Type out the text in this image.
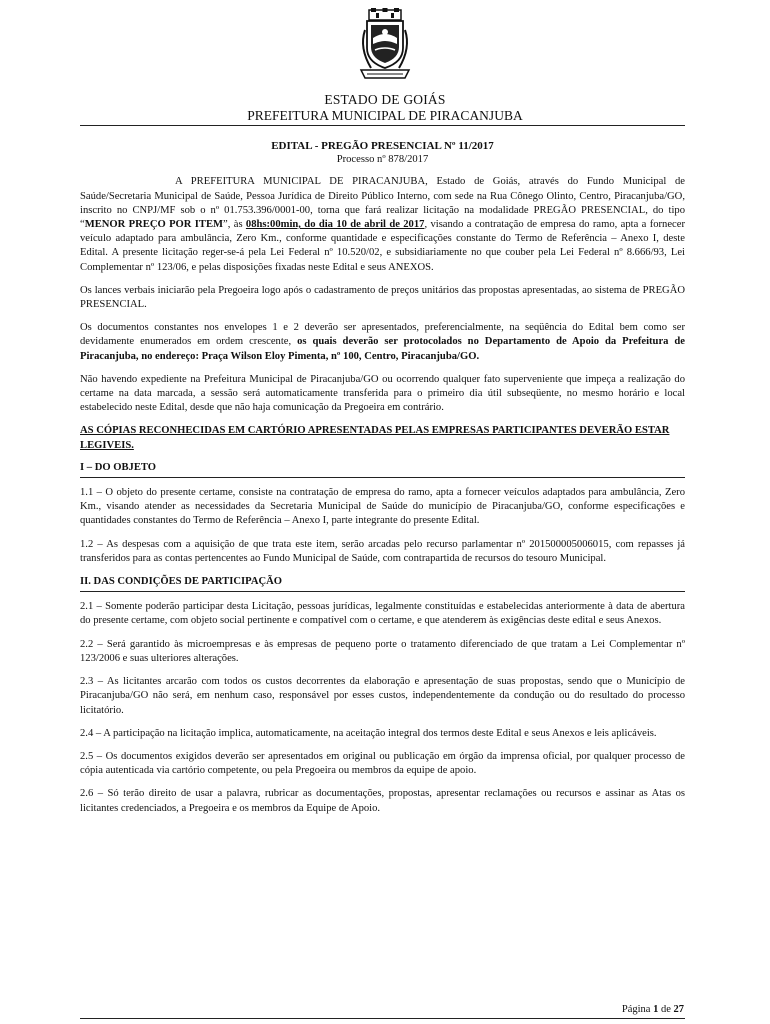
ESTADO DE GOIÁS
PREFEITURA MUNICIPAL DE PIRACANJUBA
EDITAL - PREGÃO PRESENCIAL Nº 11/2017
Processo nº 878/2017

A PREFEITURA MUNICIPAL DE PIRACANJUBA, Estado de Goiás, através do Fundo Municipal de Saúde/Secretaria Municipal de Saúde, Pessoa Jurídica de Direito Público Interno, com sede na Rua Cônego Olinto, Centro, Piracanjuba/GO, inscrito no CNPJ/MF sob o nº 01.753.396/0001-00, torna que fará realizar licitação na modalidade PREGÃO PRESENCIAL, do tipo “MENOR PREÇO POR ITEM”, às 08hs:00min, do dia 10 de abril de 2017, visando a contratação de empresa do ramo, apta a fornecer veículo adaptado para ambulância, Zero Km., conforme quantidade e especificações constante do Termo de Referência – Anexo I, deste Edital. A presente licitação reger-se-á pela Lei Federal nº 10.520/02, e subsidiariamente no que couber pela Lei Federal nº 8.666/93, Lei Complementar nº 123/06, e pelas disposições fixadas neste Edital e seus ANEXOS.

Os lances verbais iniciarão pela Pregoeira logo após o cadastramento de preços unitários das propostas apresentadas, ao sistema de PREGÃO PRESENCIAL.

Os documentos constantes nos envelopes 1 e 2 deverão ser apresentados, preferencialmente, na seqüência do Edital bem como ser devidamente enumerados em ordem crescente, os quais deverão ser protocolados no Departamento de Apoio da Prefeitura de Piracanjuba, no endereço: Praça Wilson Eloy Pimenta, nº 100, Centro, Piracanjuba/GO.

Não havendo expediente na Prefeitura Municipal de Piracanjuba/GO ou ocorrendo qualquer fato superveniente que impeça a realização do certame na data marcada, a sessão será automaticamente transferida para o primeiro dia útil subseqüente, no mesmo horário e local estabelecido neste Edital, desde que não haja comunicação da Pregoeira em contrário.

AS CÓPIAS RECONHECIDAS EM CARTÓRIO APRESENTADAS PELAS EMPRESAS PARTICIPANTES DEVERÃO ESTAR LEGIVEIS.
I – DO OBJETO

1.1 – O objeto do presente certame, consiste na contratação de empresa do ramo, apta a fornecer veículos adaptados para ambulância, Zero Km., visando atender as necessidades da Secretaria Municipal de Saúde do município de Piracanjuba/GO, conforme especificações e quantidades constantes do Termo de Referência – Anexo I, parte integrante do presente Edital.

1.2 – As despesas com a aquisição de que trata este item, serão arcadas pelo recurso parlamentar nº 201500005006015, com repasses já transferidos para as contas pertencentes ao Fundo Municipal de Saúde, com contrapartida de recursos do tesouro Municipal.

II. DAS CONDIÇÕES DE PARTICIPAÇÃO

2.1 – Somente poderão participar desta Licitação, pessoas jurídicas, legalmente constituídas e estabelecidas anteriormente à data de abertura do presente certame, com objeto social pertinente e compatível com o certame, e que atenderem às exigências deste edital e seus Anexos.

2.2 – Será garantido às microempresas e às empresas de pequeno porte o tratamento diferenciado de que tratam a Lei Complementar nº 123/2006 e suas ulteriores alterações.

2.3 – As licitantes arcarão com todos os custos decorrentes da elaboração e apresentação de suas propostas, sendo que o Município de Piracanjuba/GO não será, em nenhum caso, responsável por esses custos, independentemente da condução ou do resultado do processo licitatório.

2.4 – A participação na licitação implica, automaticamente, na aceitação integral dos termos deste Edital e seus Anexos e leis aplicáveis.

2.5 – Os documentos exigidos deverão ser apresentados em original ou publicação em órgão da imprensa oficial, por qualquer processo de cópia autenticada via cartório competente, ou pela Pregoeira ou membros da equipe de apoio.

2.6 – Só terão direito de usar a palavra, rubricar as documentações, propostas, apresentar reclamações ou recursos e assinar as Atas os licitantes credenciados, a Pregoeira e os membros da Equipe de Apoio.

Página 1 de 27
